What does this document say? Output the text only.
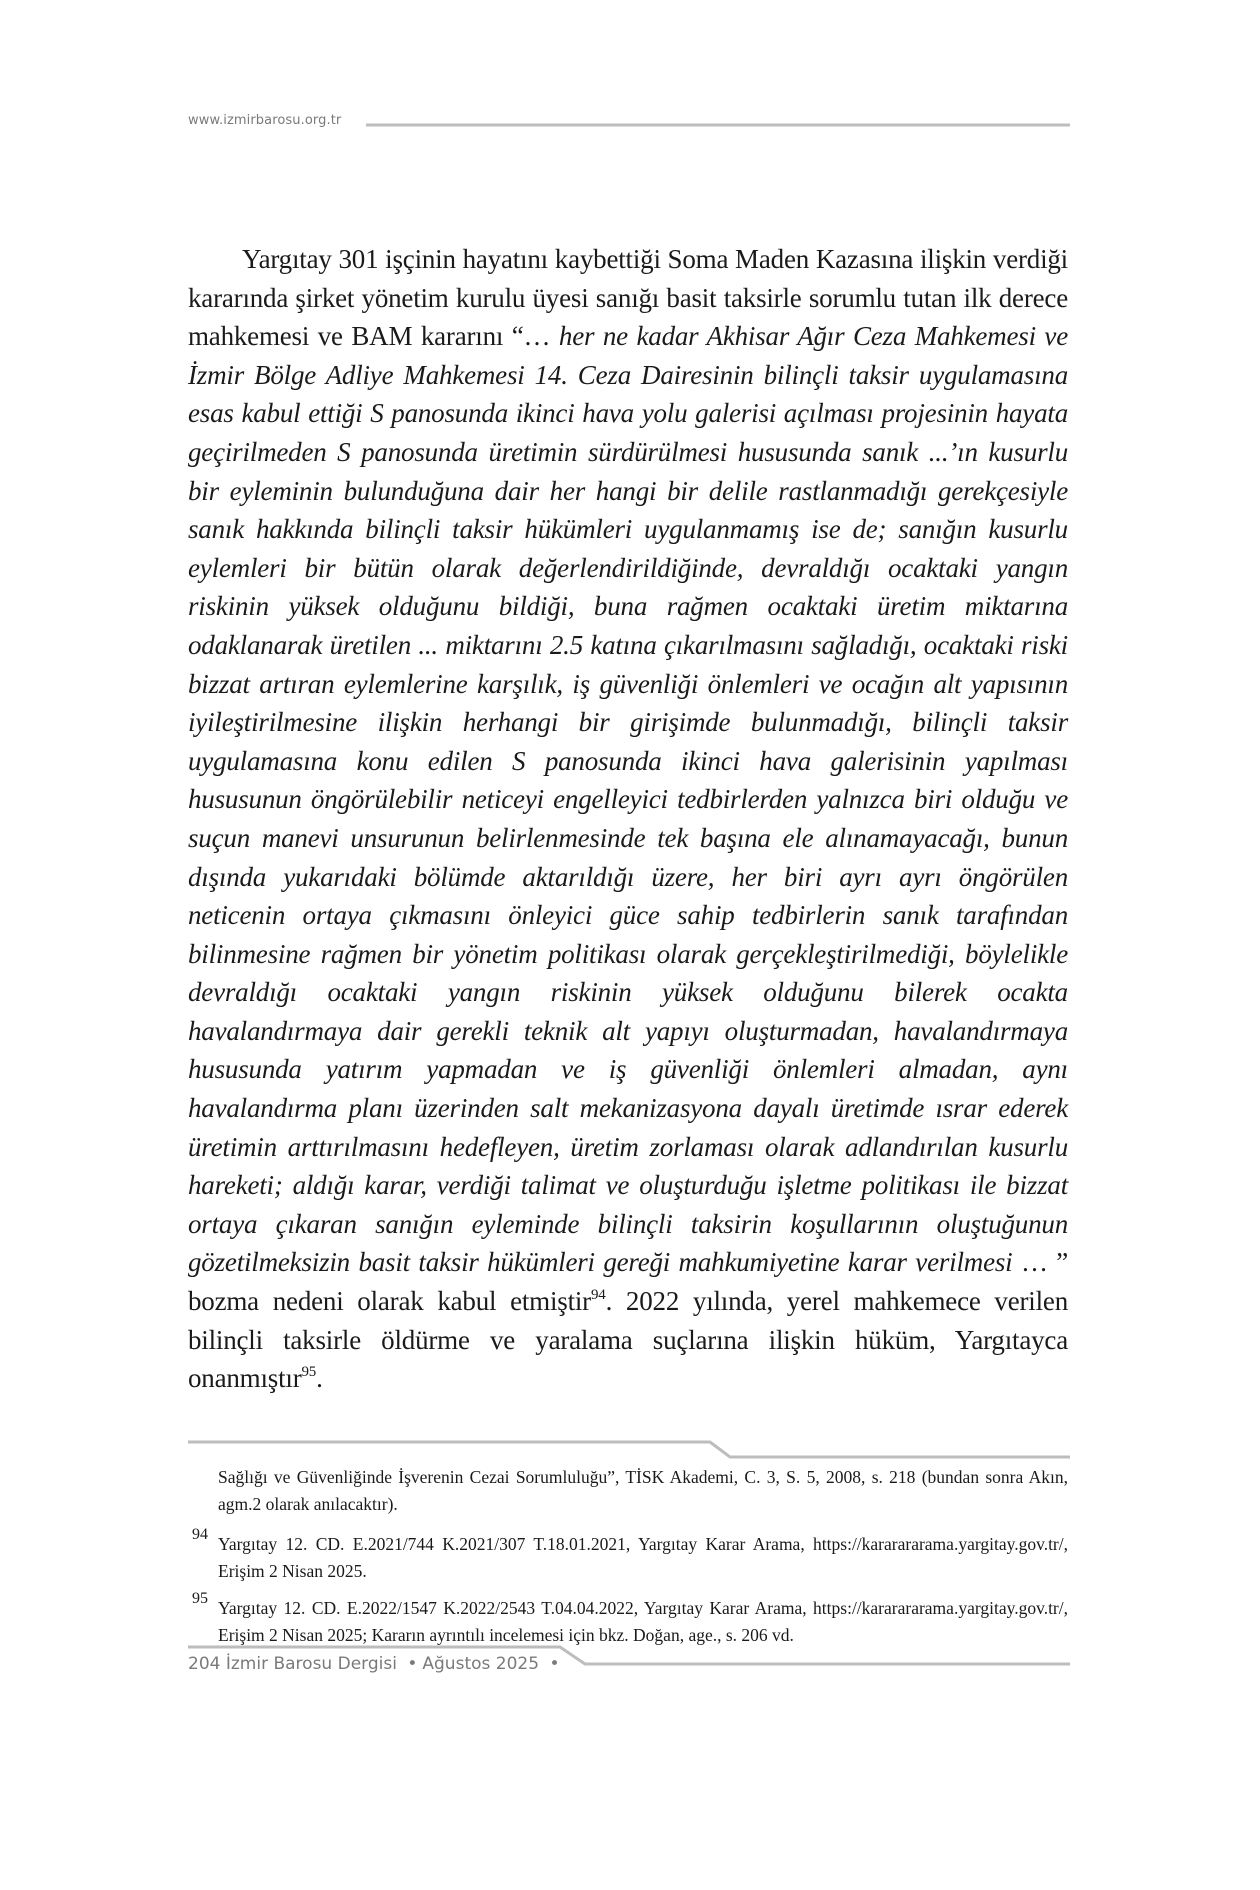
www.izmirbarosu.org.tr

Yargıtay 301 işçinin hayatını kaybettiği Soma Maden Kazasına ilişkin verdiği kararında şirket yönetim kurulu üyesi sanığı basit taksirle sorumlu tutan ilk derece mahkemesi ve BAM kararını “… her ne kadar Akhisar Ağır Ceza Mahkemesi ve İzmir Bölge Adliye Mahkemesi 14. Ceza Dairesinin bilinçli taksir uygulamasına esas kabul ettiği S panosunda ikinci hava yolu galerisi açılması projesinin hayata geçirilmeden S panosunda üretimin sürdürülmesi hususunda sanık ...’ın kusurlu bir eyleminin bulunduğuna dair her hangi bir delile rastlanmadığı gerekçesiyle sanık hakkında bilinçli taksir hükümleri uygulanmamış ise de; sanığın kusurlu eylemleri bir bütün olarak değerlendirildiğinde, devraldığı ocaktaki yangın riskinin yüksek olduğunu bildiği, buna rağmen ocaktaki üretim miktarına odaklanarak üretilen ... miktarını 2.5 katına çıkarılmasını sağladığı, ocaktaki riski bizzat artıran eylemlerine karşılık, iş güvenliği önlemleri ve ocağın alt yapısının iyileştirilmesine ilişkin herhangi bir girişimde bulunmadığı, bilinçli taksir uygulamasına konu edilen S panosunda ikinci hava galerisinin yapılması hususunun öngörülebilir neticeyi engelleyici tedbirlerden yalnızca biri olduğu ve suçun manevi unsurunun belirlenmesinde tek başına ele alınamayacağı, bunun dışında yukarıdaki bölümde aktarıldığı üzere, her biri ayrı ayrı öngörülen neticenin ortaya çıkmasını önleyici güce sahip tedbirlerin sanık tarafından bilinmesine rağmen bir yönetim politikası olarak gerçekleştirilmediği, böylelikle devraldığı ocaktaki yangın riskinin yüksek olduğunu bilerek ocakta havalandırmaya dair gerekli teknik alt yapıyı oluşturmadan, havalandırmaya hususunda yatırım yapmadan ve iş güvenliği önlemleri almadan, aynı havalandırma planı üzerinden salt mekanizasyona dayalı üretimde ısrar ederek üretimin arttırılmasını hedefleyen, üretim zorlaması olarak adlandırılan kusurlu hareketi; aldığı karar, verdiği talimat ve oluşturduğu işletme politikası ile bizzat ortaya çıkaran sanığın eyleminde bilinçli taksirin koşullarının oluştuğunun gözetilmeksizin basit taksir hükümleri gereği mahkumiyetine karar verilmesi … ” bozma nedeni olarak kabul etmiştir$^{94}$. 2022 yılında, yerel mahkemece verilen bilinçli taksirle öldürme ve yaralama suçlarına ilişkin hüküm, Yargıtayca onanmıştır$^{95}$.

Sağlığı ve Güvenliğinde İşverenin Cezai Sorumluluğu”, TİSK Akademi, C. 3, S. 5, 2008, s. 218 (bundan sonra Akın, agm.2 olarak anılacaktır).

94 Yargıtay 12. CD. E.2021/744 K.2021/307 T.18.01.2021, Yargıtay Karar Arama, https://kararararama.yargitay.gov.tr/, Erişim 2 Nisan 2025.

95 Yargıtay 12. CD. E.2022/1547 K.2022/2543 T.04.04.2022, Yargıtay Karar Arama, https://kararararama.yargitay.gov.tr/, Erişim 2 Nisan 2025; Kararın ayrıntılı incelemesi için bkz. Doğan, age., s. 206 vd.

204 İzmir Barosu Dergisi • Ağustos 2025 •
